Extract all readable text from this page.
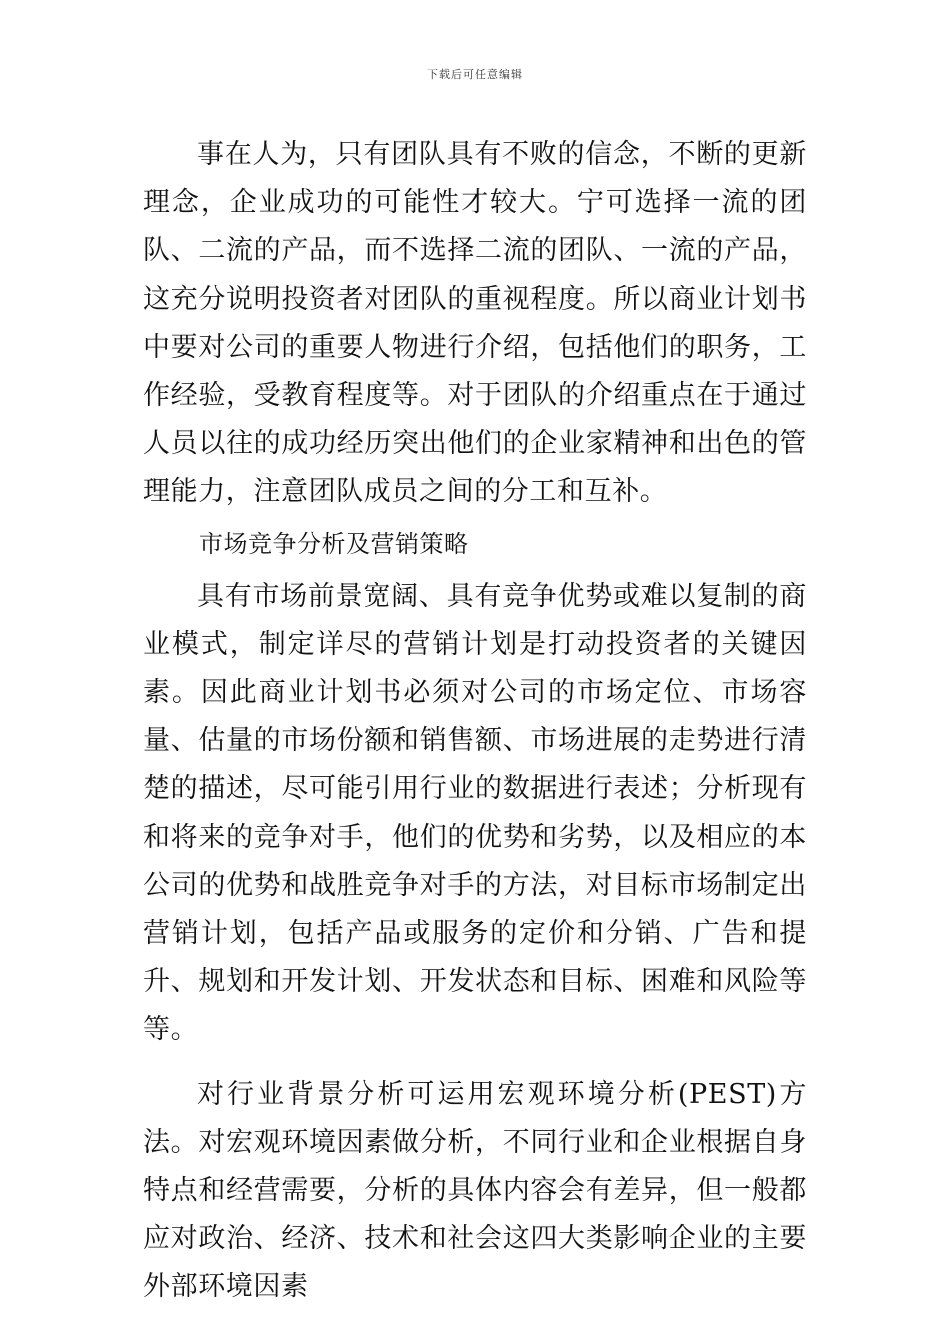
下载后可任意编辑

事在人为，只有团队具有不败的信念，不断的更新理念，企业成功的可能性才较大。宁可选择一流的团队、二流的产品，而不选择二流的团队、一流的产品，这充分说明投资者对团队的重视程度。所以商业计划书中要对公司的重要人物进行介绍，包括他们的职务，工作经验，受教育程度等。对于团队的介绍重点在于通过人员以往的成功经历突出他们的企业家精神和出色的管理能力，注意团队成员之间的分工和互补。

市场竞争分析及营销策略

具有市场前景宽阔、具有竞争优势或难以复制的商业模式，制定详尽的营销计划是打动投资者的关键因素。因此商业计划书必须对公司的市场定位、市场容量、估量的市场份额和销售额、市场进展的走势进行清楚的描述，尽可能引用行业的数据进行表述；分析现有和将来的竞争对手，他们的优势和劣势，以及相应的本公司的优势和战胜竞争对手的方法，对目标市场制定出营销计划，包括产品或服务的定价和分销、广告和提升、规划和开发计划、开发状态和目标、困难和风险等等。

对行业背景分析可运用宏观环境分析(PEST)方法。对宏观环境因素做分析，不同行业和企业根据自身特点和经营需要，分析的具体内容会有差异，但一般都应对政治、经济、技术和社会这四大类影响企业的主要外部环境因素
